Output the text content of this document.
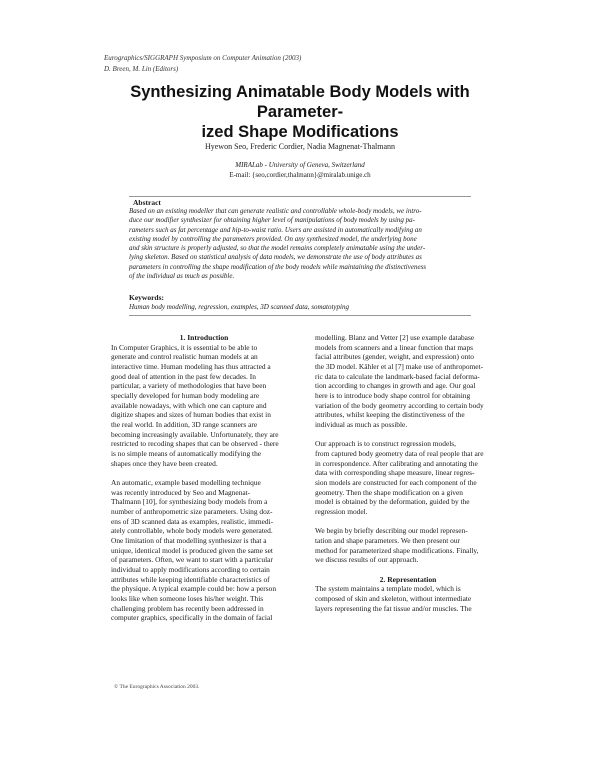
Eurographics/SIGGRAPH Symposium on Computer Animation (2003)
D. Breen, M. Lin (Editors)
Synthesizing Animatable Body Models with Parameter-
ized Shape Modifications
Hyewon Seo, Frederic Cordier, Nadia Magnenat-Thalmann
MIRALab - University of Geneva, Switzerland
E-mail: {seo,cordier,thalmann}@miralab.unige.ch
Abstract
Based on an existing modeller that can generate realistic and controllable whole-body models, we intro-
duce our modifier synthesizer for obtaining higher level of manipulations of body models by using pa-
rameters such as fat percentage and hip-to-waist ratio. Users are assisted in automatically modifying an
existing model by controlling the parameters provided. On any synthesized model, the underlying bone
and skin structure is properly adjusted, so that the model remains completely animatable using the under-
lying skeleton. Based on statistical analysis of data models, we demonstrate the use of body attributes as
parameters in controlling the shape modification of the body models while maintaining the distinctiveness
of the individual as much as possible.
Keywords:
Human body modelling, regression, examples, 3D scanned data, somatotyping
1. Introduction
In Computer Graphics, it is essential to be able to
generate and control realistic human models at an
interactive time. Human modeling has thus attracted a
good deal of attention in the past few decades. In
particular, a variety of methodologies that have been
specially developed for human body modeling are
available nowadays, with which one can capture and
digitize shapes and sizes of human bodies that exist in
the real world. In addition, 3D range scanners are
becoming increasingly available. Unfortunately, they are
restricted to recoding shapes that can be observed - there
is no simple means of automatically modifying the
shapes once they have been created.
An automatic, example based modelling technique
was recently introduced by Seo and Magnenat-
Thalmann [10], for synthesizing body models from a
number of anthropometric size parameters. Using doz-
ens of 3D scanned data as examples, realistic, immedi-
ately controllable, whole body models were generated.
One limitation of that modelling synthesizer is that a
unique, identical model is produced given the same set
of parameters. Often, we want to start with a particular
individual to apply modifications according to certain
attributes while keeping identifiable characteristics of
the physique. A typical example could be: how a person
looks like when someone loses his/her weight. This
challenging problem has recently been addressed in
computer graphics, specifically in the domain of facial
modelling. Blanz and Vetter [2] use example database
models from scanners and a linear function that maps
facial attributes (gender, weight, and expression) onto
the 3D model. Kähler et al [7] make use of anthropomet-
ric data to calculate the landmark-based facial deforma-
tion according to changes in growth and age. Our goal
here is to introduce body shape control for obtaining
variation of the body geometry according to certain body
attributes, whilst keeping the distinctiveness of the
individual as much as possible.
Our approach is to construct regression models,
from captured body geometry data of real people that are
in correspondence. After calibrating and annotating the
data with corresponding shape measure, linear regres-
sion models are constructed for each component of the
geometry. Then the shape modification on a given
model is obtained by the deformation, guided by the
regression model.
We begin by briefly describing our model represen-
tation and shape parameters. We then present our
method for parameterized shape modifications. Finally,
we discuss results of our approach.
2. Representation
The system maintains a template model, which is
composed of skin and skeleton, without intermediate
layers representing the fat tissue and/or muscles. The
© The Eurographics Association 2003.
